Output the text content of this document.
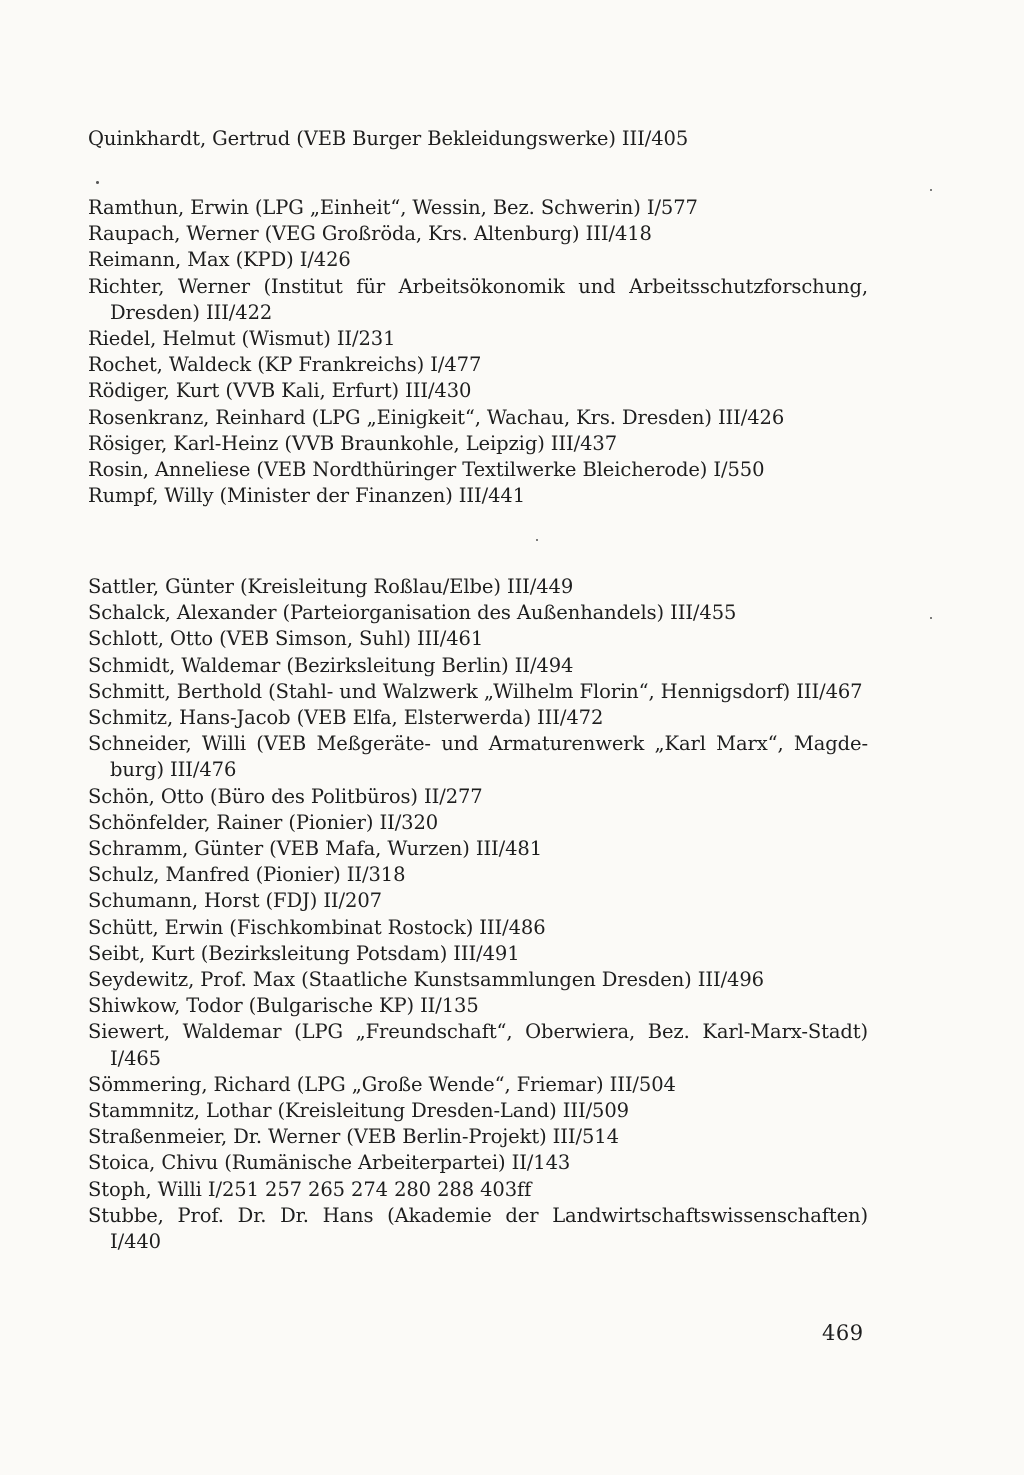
Quinkhardt, Gertrud (VEB Burger Bekleidungswerke) III/405

Ramthun, Erwin (LPG „Einheit“, Wessin, Bez. Schwerin) I/577

Raupach, Werner (VEG Großröda, Krs. Altenburg) III/418

Reimann, Max (KPD) I/426

Richter, Werner (Institut für Arbeitsökonomik und Arbeitsschutzforschung,
Dresden) III/422

Riedel, Helmut (Wismut) II/231

Rochet, Waldeck (KP Frankreichs) I/477

Rödiger, Kurt (VVB Kali, Erfurt) III/430

Rosenkranz, Reinhard (LPG „Einigkeit“, Wachau, Krs. Dresden) III/426

Rösiger, Karl-Heinz (VVB Braunkohle, Leipzig) III/437

Rosin, Anneliese (VEB Nordthüringer Textilwerke Bleicherode) I/550

Rumpf, Willy (Minister der Finanzen) III/441

Sattler, Günter (Kreisleitung Roßlau/Elbe) III/449

Schalck, Alexander (Parteiorganisation des Außenhandels) III/455

Schlott, Otto (VEB Simson, Suhl) III/461

Schmidt, Waldemar (Bezirksleitung Berlin) II/494

Schmitt, Berthold (Stahl- und Walzwerk „Wilhelm Florin“, Hennigsdorf) III/467

Schmitz, Hans-Jacob (VEB Elfa, Elsterwerda) III/472

Schneider, Willi (VEB Meßgeräte- und Armaturenwerk „Karl Marx“, Magde-
burg) III/476

Schön, Otto (Büro des Politbüros) II/277

Schönfelder, Rainer (Pionier) II/320

Schramm, Günter (VEB Mafa, Wurzen) III/481

Schulz, Manfred (Pionier) II/318

Schumann, Horst (FDJ) II/207

Schütt, Erwin (Fischkombinat Rostock) III/486

Seibt, Kurt (Bezirksleitung Potsdam) III/491

Seydewitz, Prof. Max (Staatliche Kunstsammlungen Dresden) III/496

Shiwkow, Todor (Bulgarische KP) II/135

Siewert, Waldemar (LPG „Freundschaft“, Oberwiera, Bez. Karl-Marx-Stadt)
I/465

Sömmering, Richard (LPG „Große Wende“, Friemar) III/504

Stammnitz, Lothar (Kreisleitung Dresden-Land) III/509

Straßenmeier, Dr. Werner (VEB Berlin-Projekt) III/514

Stoica, Chivu (Rumänische Arbeiterpartei) II/143

Stoph, Willi I/251 257 265 274 280 288 403ff

Stubbe, Prof. Dr. Dr. Hans (Akademie der Landwirtschaftswissenschaften)
I/440

469
